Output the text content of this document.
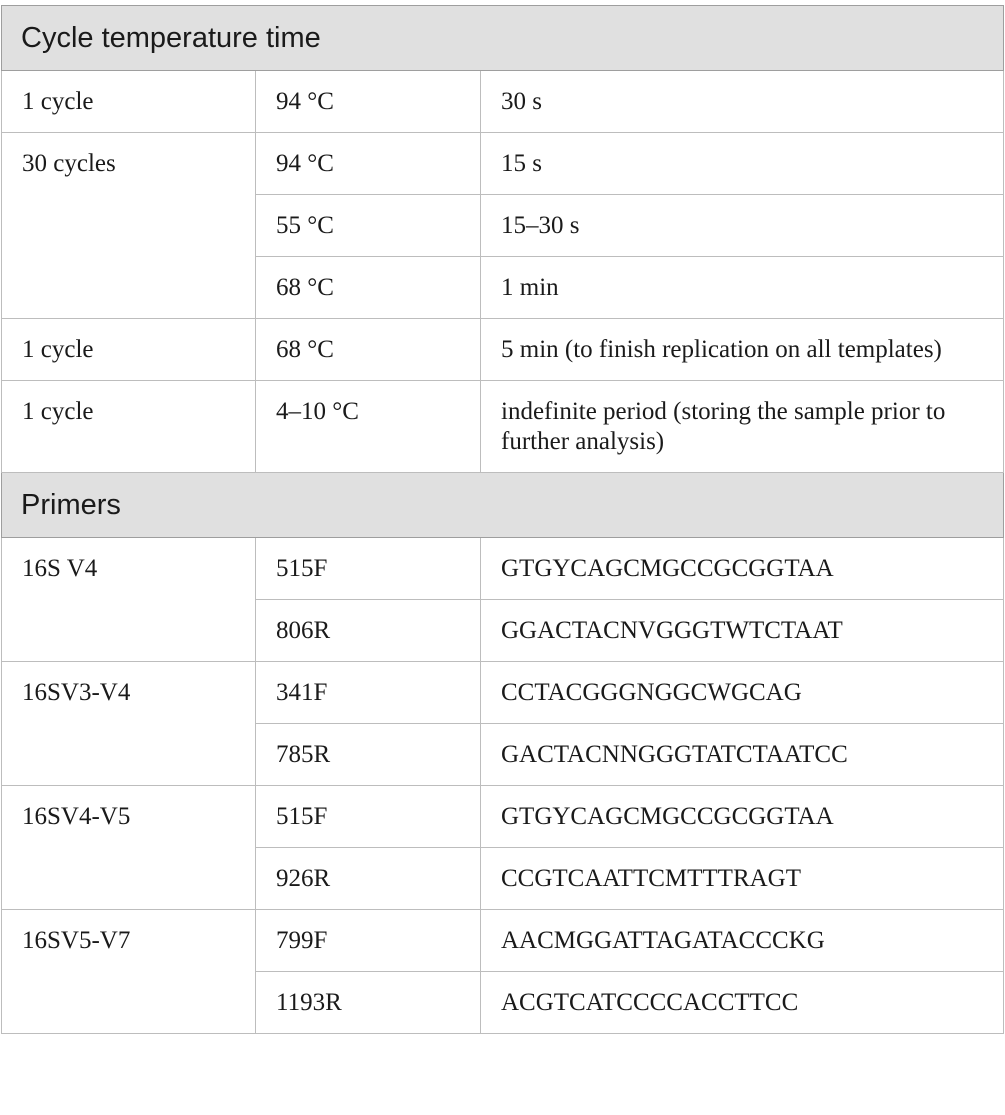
Cycle temperature time		
1 cycle	94 °C	30 s
30 cycles	94 °C	15 s
	55 °C	15–30 s
	68 °C	1 min
1 cycle	68 °C	5 min (to finish replication on all templates)
1 cycle	4–10 °C	indefinite period (storing the sample prior to further analysis)
Primers		
16S V4	515F	GTGYCAGCMGCCGCGGTAA
	806R	GGACTACNVGGGTWTCTAAT
16SV3-V4	341F	CCTACGGGNGGCWGCAG
	785R	GACTACNNGGGTATCTAATCC
16SV4-V5	515F	GTGYCAGCMGCCGCGGTAA
	926R	CCGTCAATTCMTTTRAGT
16SV5-V7	799F	AACMGGATTAGATACCCKG
	1193R	ACGTCATCCCCACCTTCC
